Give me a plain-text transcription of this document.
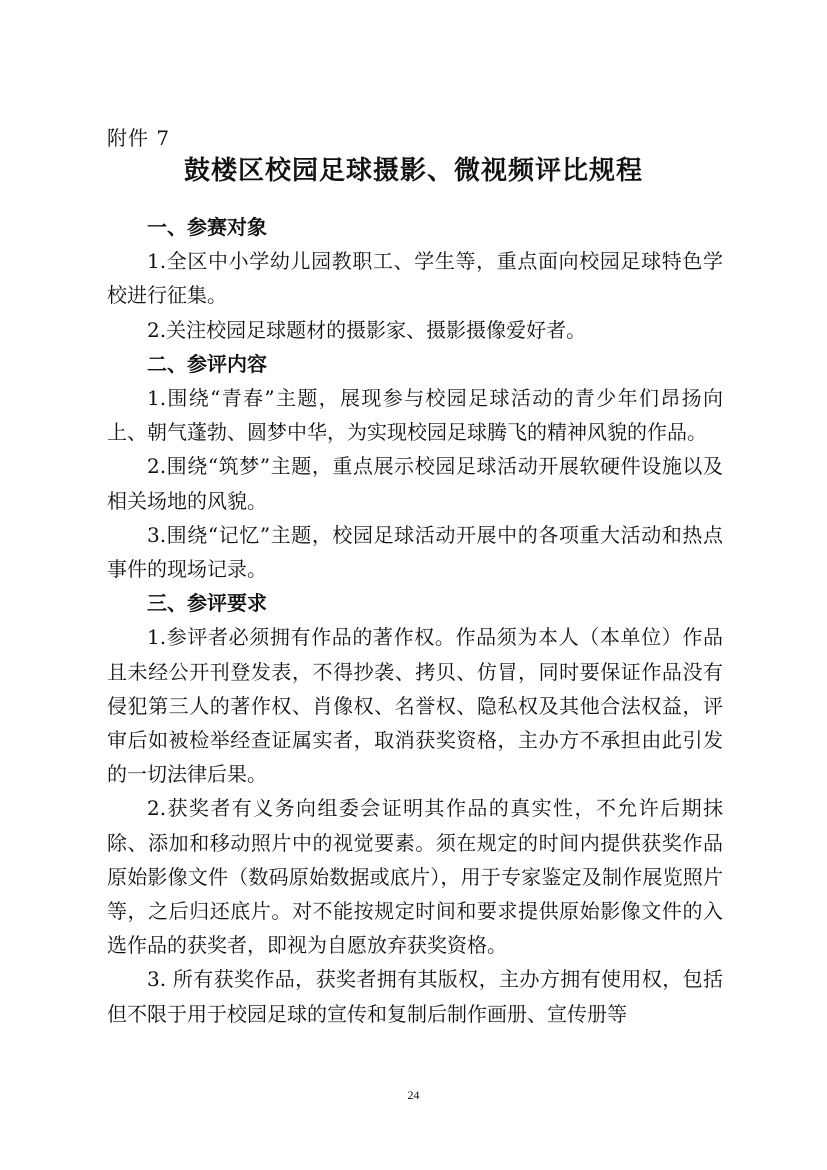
附件 7
鼓楼区校园足球摄影、微视频评比规程
一、参赛对象

1.全区中小学幼儿园教职工、学生等，重点面向校园足球特色学校进行征集。

2.关注校园足球题材的摄影家、摄影摄像爱好者。

二、参评内容

1.围绕“青春”主题，展现参与校园足球活动的青少年们昂扬向上、朝气蓬勃、圆梦中华，为实现校园足球腾飞的精神风貌的作品。

2.围绕“筑梦”主题，重点展示校园足球活动开展软硬件设施以及相关场地的风貌。

3.围绕“记忆”主题，校园足球活动开展中的各项重大活动和热点事件的现场记录。

三、参评要求

1.参评者必须拥有作品的著作权。作品须为本人（本单位）作品且未经公开刊登发表，不得抄袭、拷贝、仿冒，同时要保证作品没有侵犯第三人的著作权、肖像权、名誉权、隐私权及其他合法权益，评审后如被检举经查证属实者，取消获奖资格，主办方不承担由此引发的一切法律后果。

2.获奖者有义务向组委会证明其作品的真实性，不允许后期抹除、添加和移动照片中的视觉要素。须在规定的时间内提供获奖作品原始影像文件（数码原始数据或底片），用于专家鉴定及制作展览照片等，之后归还底片。对不能按规定时间和要求提供原始影像文件的入选作品的获奖者，即视为自愿放弃获奖资格。

3. 所有获奖作品，获奖者拥有其版权，主办方拥有使用权，包括但不限于用于校园足球的宣传和复制后制作画册、宣传册等

24
